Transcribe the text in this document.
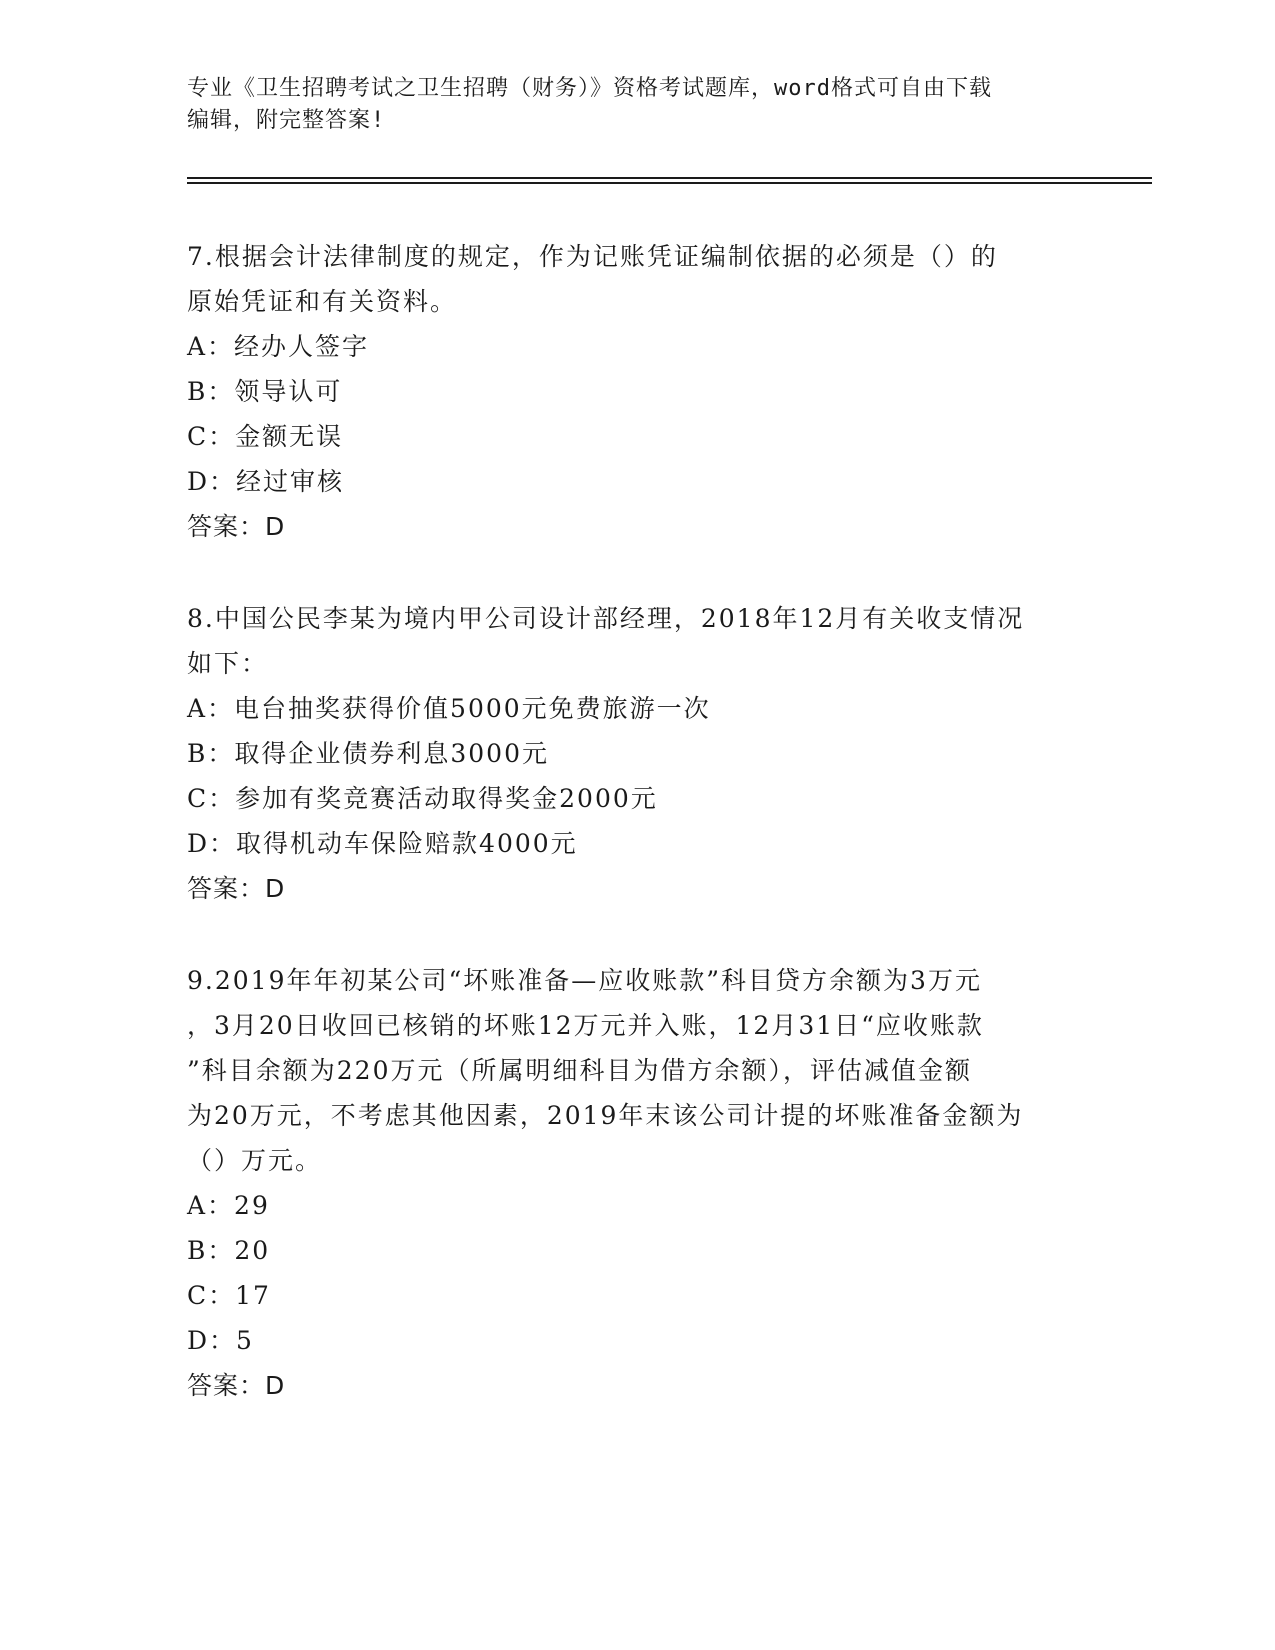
专业《卫生招聘考试之卫生招聘（财务）》资格考试题库，word格式可自由下载
编辑，附完整答案!

7.根据会计法律制度的规定，作为记账凭证编制依据的必须是（）的

原始凭证和有关资料。

A：经办人签字

B：领导认可

C：金额无误

D：经过审核

答案：D

8.中国公民李某为境内甲公司设计部经理，2018年12月有关收支情况

如下：

A：电台抽奖获得价值5000元免费旅游一次

B：取得企业债券利息3000元

C：参加有奖竞赛活动取得奖金2000元

D：取得机动车保险赔款4000元

答案：D

9.2019年年初某公司“坏账准备—应收账款”科目贷方余额为3万元

，3月20日收回已核销的坏账12万元并入账，12月31日“应收账款

”科目余额为220万元（所属明细科目为借方余额），评估减值金额

为20万元，不考虑其他因素，2019年末该公司计提的坏账准备金额为

（）万元。

A：29

B：20

C：17

D：5

答案：D
